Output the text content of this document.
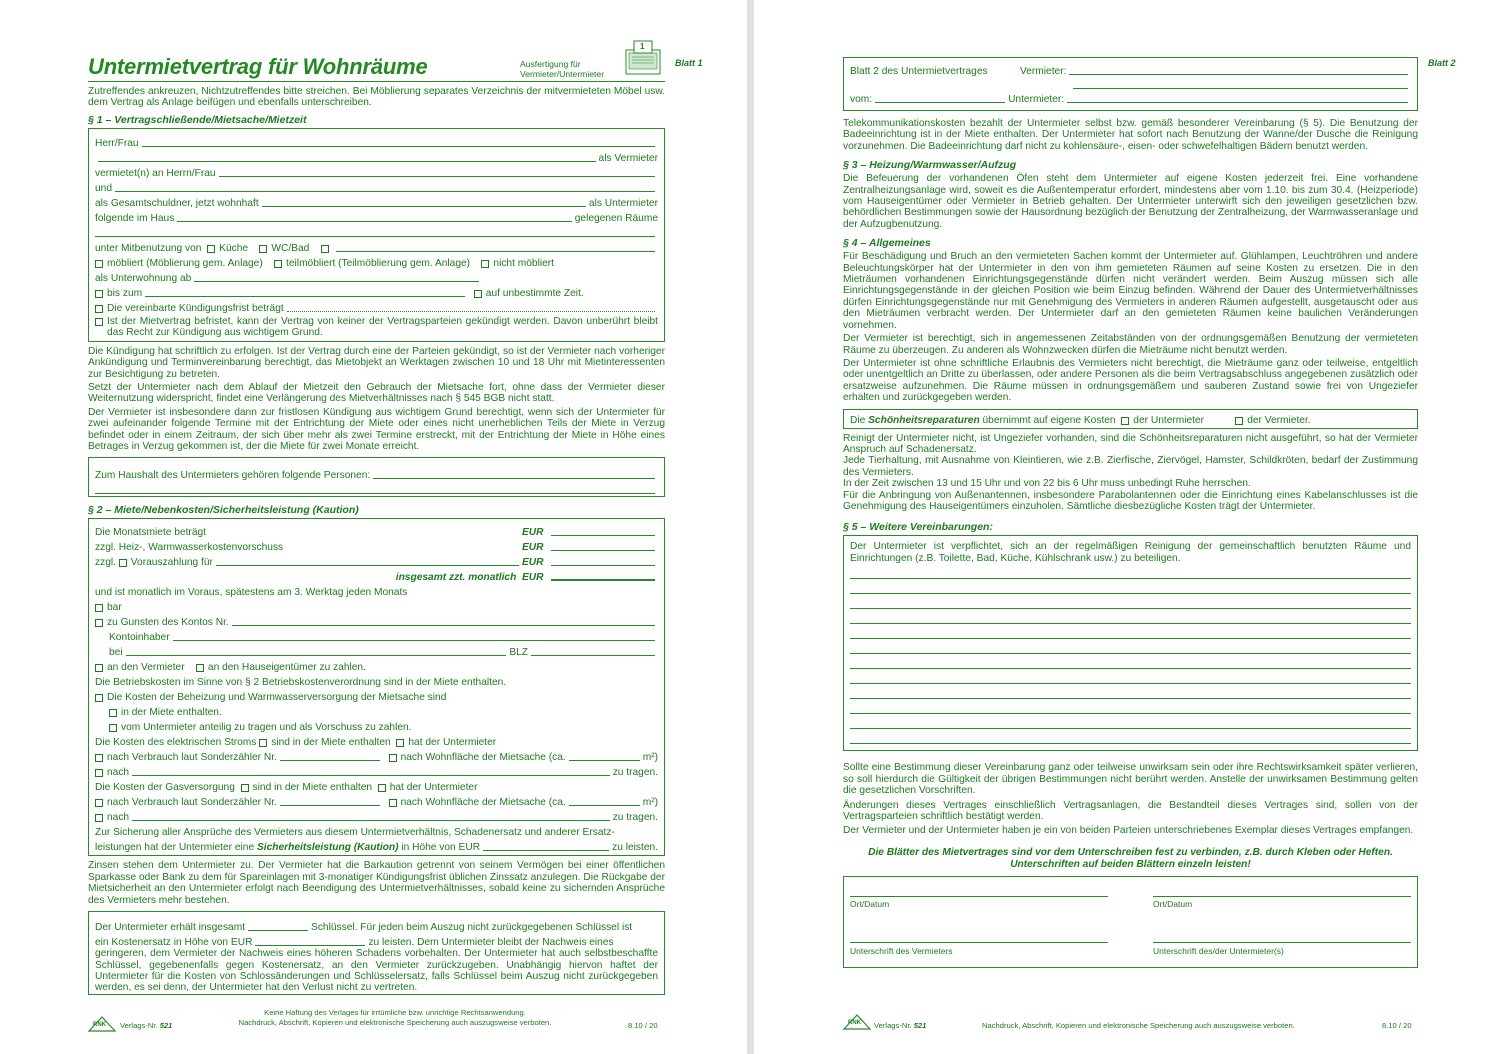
Untermietvertrag für Wohnräume	Ausfertigung für
Vermieter/Untermieter
1
Blatt 1
Zutreffendes ankreuzen, Nichtzutreffendes bitte streichen. Bei Möblierung separates Verzeichnis der mitvermieteten Möbel usw. dem Vertrag als Anlage beifügen und ebenfalls unterschreiben.
§ 1 – Vertragschließende/Mietsache/Mietzeit
Herr/Frau
als Vermieter
vermietet(n) an Herrn/Frau
und
als Gesamtschuldner, jetzt wohnhaft	als Untermieter
folgende im Haus	gelegenen Räume
unter Mitbenutzung von
Küche
WC/Bad

möbliert (Möblierung gem. Anlage)
teilmöbliert (Teilmöblierung gem. Anlage)
nicht möbliert
als Unterwohnung ab
bis zum
	auf unbestimmte Zeit.
Die vereinbarte Kündigungsfrist beträgt
Ist der Mietvertrag befristet, kann der Vertrag von keiner der Vertragsparteien gekündigt werden. Davon unberührt bleibt das Recht zur Kündigung aus wichtigem Grund.
Die Kündigung hat schriftlich zu erfolgen. Ist der Vertrag durch eine der Parteien gekündigt, so ist der Vermieter nach vorheriger Ankündigung und Terminvereinbarung berechtigt, das Mietobjekt an Werktagen zwischen 10 und 18 Uhr mit Mietinteressenten zur Besichtigung zu betreten.
Setzt der Untermieter nach dem Ablauf der Mietzeit den Gebrauch der Mietsache fort, ohne dass der Vermieter dieser Weiternutzung widerspricht, findet eine Verlängerung des Mietverhältnisses nach § 545 BGB nicht statt.
Der Vermieter ist insbesondere dann zur fristlosen Kündigung aus wichtigem Grund berechtigt, wenn sich der Untermieter für zwei aufeinander folgende Termine mit der Entrichtung der Miete oder eines nicht unerheblichen Teils der Miete in Verzug befindet oder in einem Zeitraum, der sich über mehr als zwei Termine erstreckt, mit der Entrichtung der Miete in Höhe eines Betrages in Verzug gekommen ist, der die Miete für zwei Monate erreicht.
Zum Haushalt des Untermieters gehören folgende Personen:
§ 2 – Miete/Nebenkosten/Sicherheitsleistung (Kaution)
Die Monatsmiete beträgt	EUR
zzgl. Heiz-, Warmwasserkostenvorschuss	EUR
zzgl.
Vorauszahlung für	EUR
insgesamt zzt. monatlich
EUR
und ist monatlich im Voraus, spätestens am 3. Werktag jeden Monats
bar
zu Gunsten des Kontos Nr.
Kontoinhaber
bei	BLZ
an den Vermieter
an den Hauseigentümer zu zahlen.
Die Betriebskosten im Sinne von § 2 Betriebskostenverordnung sind in der Miete enthalten.
Die Kosten der Beheizung und Warmwasserversorgung der Mietsache sind
in der Miete enthalten.
vom Untermieter anteilig zu tragen und als Vorschuss zu zahlen.
Die Kosten des elektrischen Stroms
sind in der Miete enthalten
hat der Untermieter
nach Verbrauch laut Sonderzähler Nr.
	nach Wohnfläche der Mietsache (ca.	m²)
nach	zu tragen.
Die Kosten der Gasversorgung
sind in der Miete enthalten
hat der Untermieter
nach Verbrauch laut Sonderzähler Nr.
	nach Wohnfläche der Mietsache (ca.	m²)
nach	zu tragen.
Zur Sicherung aller Ansprüche des Vermieters aus diesem Untermietverhältnis, Schadenersatz und anderer Ersatz-
leistungen hat der Untermieter eine
Sicherheitsleistung (Kaution)
in Höhe von EUR	zu leisten.
Zinsen stehen dem Untermieter zu. Der Vermieter hat die Barkaution getrennt von seinem Vermögen bei einer öffentlichen Sparkasse oder Bank zu dem für Spareinlagen mit 3-monatiger Kündigungsfrist üblichen Zinssatz anzulegen. Die Rückgabe der Mietsicherheit an den Untermieter erfolgt nach Beendigung des Untermietverhältnisses, sobald keine zu sichernden Ansprüche des Vermieters mehr bestehen.
Der Untermieter erhält insgesamt	Schlüssel. Für jeden beim Auszug nicht zurückgegebenen Schlüssel ist
ein Kostenersatz in Höhe von EUR	zu leisten. Dem Untermieter bleibt der Nachweis eines
geringeren, dem Vermieter der Nachweis eines höheren Schadens vorbehalten. Der Untermieter hat auch selbstbeschaffte Schlüssel, gegebenenfalls gegen Kostenersatz, an den Vermieter zurückzugeben. Unabhängig hiervon haftet der Untermieter für die Kosten von Schlossänderungen und Schlüsselersatz, falls Schlüssel beim Auszug nicht zurückgegeben werden, es sei denn, der Untermieter hat den Verlust nicht zu vertreten.
RNK Verlags-Nr. 521
Keine Haftung des Verlages für irrtümliche bzw. unrichtige Rechtsanwendung.
Nachdruck, Abschrift, Kopieren und elektronische Speicherung auch auszugsweise verboten.	8.10 / 20
Blatt 2
Blatt 2 des Untermietvertrages	Vermieter:
vom:	Untermieter:
Telekommunikationskosten bezahlt der Untermieter selbst bzw. gemäß besonderer Vereinbarung (§ 5). Die Benutzung der Badeeinrichtung ist in der Miete enthalten. Der Untermieter hat sofort nach Benutzung der Wanne/der Dusche die Reinigung vorzunehmen. Die Badeeinrichtung darf nicht zu kohlensäure-, eisen- oder schwefelhaltigen Bädern benutzt werden.
§ 3 – Heizung/Warmwasser/Aufzug
Die Befeuerung der vorhandenen Öfen steht dem Untermieter auf eigene Kosten jederzeit frei. Eine vorhandene Zentralheizungsanlage wird, soweit es die Außentemperatur erfordert, mindestens aber vom 1.10. bis zum 30.4. (Heizperiode) vom Hauseigentümer oder Vermieter in Betrieb gehalten. Der Untermieter unterwirft sich den jeweiligen gesetzlichen bzw. behördlichen Bestimmungen sowie der Hausordnung bezüglich der Benutzung der Zentralheizung, der Warmwasseranlage und der Aufzugbenutzung.
§ 4 – Allgemeines
Für Beschädigung und Bruch an den vermieteten Sachen kommt der Untermieter auf. Glühlampen, Leuchtröhren und andere Beleuchtungskörper hat der Untermieter in den von ihm gemieteten Räumen auf seine Kosten zu ersetzen. Die in den Mieträumen vorhandenen Einrichtungsgegenstände dürfen nicht verändert werden. Beim Auszug müssen sich alle Einrichtungsgegenstände in der gleichen Position wie beim Einzug befinden. Während der Dauer des Untermietverhältnisses dürfen Einrichtungsgegenstände nur mit Genehmigung des Vermieters in anderen Räumen aufgestellt, ausgetauscht oder aus den Mieträumen verbracht werden. Der Untermieter darf an den gemieteten Räumen keine baulichen Veränderungen vornehmen.
Der Vermieter ist berechtigt, sich in angemessenen Zeitabständen von der ordnungsgemäßen Benutzung der vermieteten Räume zu überzeugen. Zu anderen als Wohnzwecken dürfen die Mieträume nicht benutzt werden.
Der Untermieter ist ohne schriftliche Erlaubnis des Vermieters nicht berechtigt, die Mieträume ganz oder teilweise, entgeltlich oder unentgeltlich an Dritte zu überlassen, oder andere Personen als die beim Vertragsabschluss angegebenen zusätzlich oder ersatzweise aufzunehmen. Die Räume müssen in ordnungsgemäßem und sauberen Zustand sowie frei von Ungeziefer erhalten und zurückgegeben werden.
Die
Schönheitsreparaturen
übernimmt auf eigene Kosten
der Untermieter
	der Vermieter.
Reinigt der Untermieter nicht, ist Ungeziefer vorhanden, sind die Schönheitsreparaturen nicht ausgeführt, so hat der Vermieter Anspruch auf Schadenersatz.
Jede Tierhaltung, mit Ausnahme von Kleintieren, wie z.B. Zierfische, Ziervögel, Hamster, Schildkröten, bedarf der Zustimmung des Vermieters.
In der Zeit zwischen 13 und 15 Uhr und von 22 bis 6 Uhr muss unbedingt Ruhe herrschen.
Für die Anbringung von Außenantennen, insbesondere Parabolantennen oder die Einrichtung eines Kabelanschlusses ist die Genehmigung des Hauseigentümers einzuholen. Sämtliche diesbezügliche Kosten trägt der Untermieter.
§ 5 – Weitere Vereinbarungen:
Der Untermieter ist verpflichtet, sich an der regelmäßigen Reinigung der gemeinschaftlich benutzten Räume und Einrichtungen (z.B. Toilette, Bad, Küche, Kühlschrank usw.) zu beteiligen.
Sollte eine Bestimmung dieser Vereinbarung ganz oder teilweise unwirksam sein oder ihre Rechtswirksamkeit später verlieren, so soll hierdurch die Gültigkeit der übrigen Bestimmungen nicht berührt werden. Anstelle der unwirksamen Bestimmung gelten die gesetzlichen Vorschriften.
Änderungen dieses Vertrages einschließlich Vertragsanlagen, die Bestandteil dieses Vertrages sind, sollen von der Vertragsparteien schriftlich bestätigt werden.
Der Vermieter und der Untermieter haben je ein von beiden Parteien unterschriebenes Exemplar dieses Vertrages empfangen.
Die Blätter des Mietvertrages sind vor dem Unterschreiben fest zu verbinden, z.B. durch Kleben oder Heften.
Unterschriften auf beiden Blättern einzeln leisten!
Ort/Datum	Ort/Datum
Unterschrift des Vermieters	Unterschrift des/der Untermieter(s)
RNK Verlags-Nr. 521	Nachdruck, Abschrift, Kopieren und elektronische Speicherung auch auszugsweise verboten.	8.10 / 20
